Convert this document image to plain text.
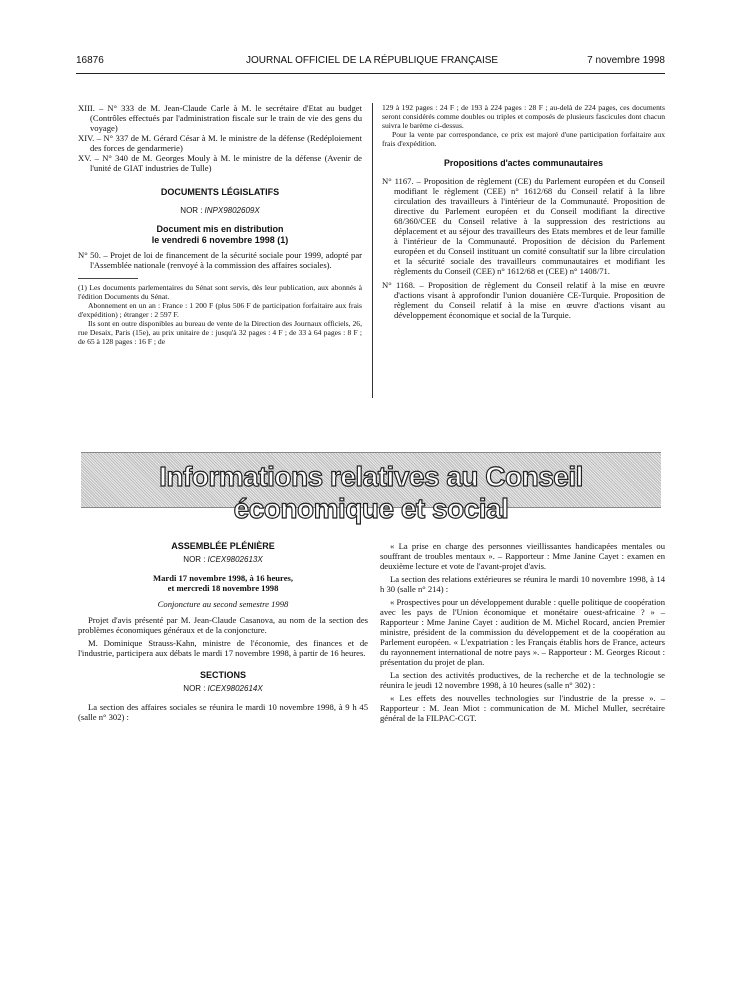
16876	JOURNAL OFFICIEL DE LA RÉPUBLIQUE FRANÇAISE	7 novembre 1998

XIII. – N° 333 de M. Jean-Claude Carle à M. le secrétaire d'Etat au budget (Contrôles effectués par l'administration fiscale sur le train de vie des gens du voyage)

XIV. – N° 337 de M. Gérard César à M. le ministre de la défense (Redéploiement des forces de gendarmerie)

XV. – N° 340 de M. Georges Mouly à M. le ministre de la défense (Avenir de l'unité de GIAT industries de Tulle)

DOCUMENTS LÉGISLATIFS
NOR : INPX9802609X
Document mis en distribution
le vendredi 6 novembre 1998 (1)

N° 50. – Projet de loi de financement de la sécurité sociale pour 1999, adopté par l'Assemblée nationale (renvoyé à la commission des affaires sociales).

(1) Les documents parlementaires du Sénat sont servis, dès leur publication, aux abonnés à l'édition Documents du Sénat.

Abonnement en un an : France : 1 200 F (plus 506 F de participation forfaitaire aux frais d'expédition) ; étranger : 2 597 F.

Ils sont en outre disponibles au bureau de vente de la Direction des Journaux officiels, 26, rue Desaix, Paris (15e), au prix unitaire de : jusqu'à 32 pages : 4 F ; de 33 à 64 pages : 8 F ; de 65 à 128 pages : 16 F ; de

129 à 192 pages : 24 F ; de 193 à 224 pages : 28 F ; au-delà de 224 pages, ces documents seront considérés comme doubles ou triples et composés de plusieurs fascicules dont chacun suivra le barème ci-dessus.

Pour la vente par correspondance, ce prix est majoré d'une participation forfaitaire aux frais d'expédition.

Propositions d'actes communautaires

N° 1167. – Proposition de règlement (CE) du Parlement européen et du Conseil modifiant le règlement (CEE) n° 1612/68 du Conseil relatif à la libre circulation des travailleurs à l'intérieur de la Communauté. Proposition de directive du Parlement européen et du Conseil modifiant la directive 68/360/CEE du Conseil relative à la suppression des restrictions au déplacement et au séjour des travailleurs des Etats membres et de leur famille à l'intérieur de la Communauté. Proposition de décision du Parlement européen et du Conseil instituant un comité consultatif sur la libre circulation et la sécurité sociale des travailleurs communautaires et modifiant les règlements du Conseil (CEE) n° 1612/68 et (CEE) n° 1408/71.

N° 1168. – Proposition de règlement du Conseil relatif à la mise en œuvre d'actions visant à approfondir l'union douanière CE-Turquie. Proposition de règlement du Conseil relatif à la mise en œuvre d'actions visant au développement économique et social de la Turquie.

Informations relatives au Conseil économique et social
ASSEMBLÉE PLÉNIÈRE
NOR : ICEX9802613X
Mardi 17 novembre 1998, à 16 heures,
et mercredi 18 novembre 1998
Conjoncture au second semestre 1998

Projet d'avis présenté par M. Jean-Claude Casanova, au nom de la section des problèmes économiques généraux et de la conjoncture.

M. Dominique Strauss-Kahn, ministre de l'économie, des finances et de l'industrie, participera aux débats le mardi 17 novembre 1998, à partir de 16 heures.

SECTIONS
NOR : ICEX9802614X

La section des affaires sociales se réunira le mardi 10 novembre 1998, à 9 h 45 (salle n° 302) :

« La prise en charge des personnes vieillissantes handicapées mentales ou souffrant de troubles mentaux ». – Rapporteur : Mme Janine Cayet : examen en deuxième lecture et vote de l'avant-projet d'avis.

La section des relations extérieures se réunira le mardi 10 novembre 1998, à 14 h 30 (salle n° 214) :

« Prospectives pour un développement durable : quelle politique de coopération avec les pays de l'Union économique et monétaire ouest-africaine ? » – Rapporteur : Mme Janine Cayet : audition de M. Michel Rocard, ancien Premier ministre, président de la commission du développement et de la coopération au Parlement européen. « L'expatriation : les Français établis hors de France, acteurs du rayonnement international de notre pays ». – Rapporteur : M. Georges Ricout : présentation du projet de plan.

La section des activités productives, de la recherche et de la technologie se réunira le jeudi 12 novembre 1998, à 10 heures (salle n° 302) :

« Les effets des nouvelles technologies sur l'industrie de la presse ». – Rapporteur : M. Jean Miot : communication de M. Michel Muller, secrétaire général de la FILPAC-CGT.
